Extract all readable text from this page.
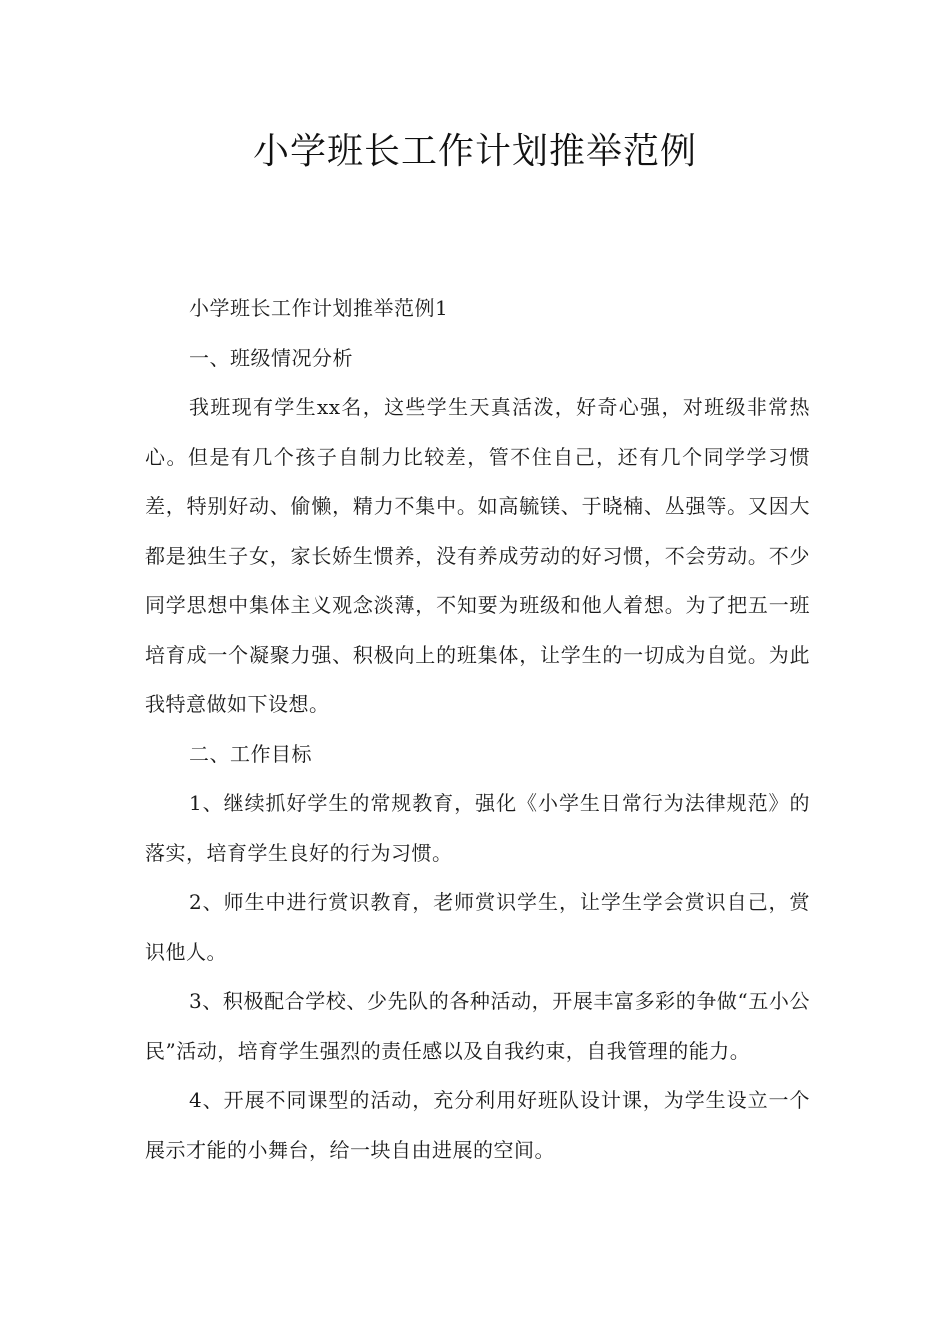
小学班长工作计划推举范例

小学班长工作计划推举范例1

一、班级情况分析

我班现有学生xx名，这些学生天真活泼，好奇心强，对班级非常热心。但是有几个孩子自制力比较差，管不住自己，还有几个同学学习惯差，特别好动、偷懒，精力不集中。如高毓镁、于晓楠、丛强等。又因大都是独生子女，家长娇生惯养，没有养成劳动的好习惯，不会劳动。不少同学思想中集体主义观念淡薄，不知要为班级和他人着想。为了把五一班培育成一个凝聚力强、积极向上的班集体，让学生的一切成为自觉。为此我特意做如下设想。

二、工作目标

1、继续抓好学生的常规教育，强化《小学生日常行为法律规范》的落实，培育学生良好的行为习惯。

2、师生中进行赏识教育，老师赏识学生，让学生学会赏识自己，赏识他人。

3、积极配合学校、少先队的各种活动，开展丰富多彩的争做“五小公民”活动，培育学生强烈的责任感以及自我约束，自我管理的能力。

4、开展不同课型的活动，充分利用好班队设计课，为学生设立一个展示才能的小舞台，给一块自由进展的空间。
